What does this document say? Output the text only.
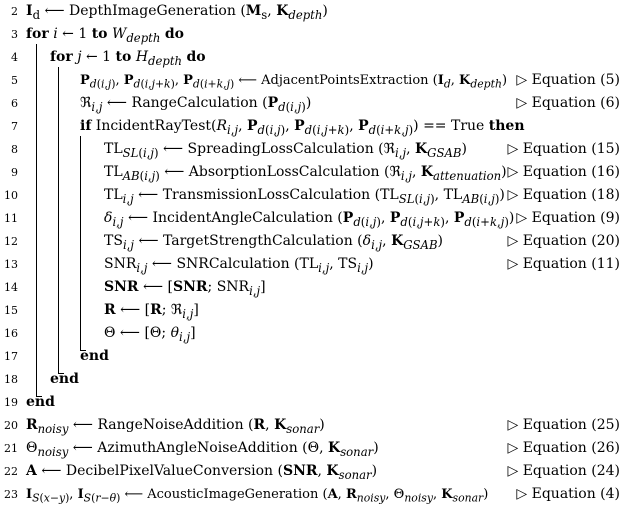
2 $I_d$ ⟵ DepthImageGeneration ($M_s$, $K_{depth}$)
3 for i ← 1 to $W_{depth}$ do
4 for j ← 1 to $H_{depth}$ do
5	$P_{d(i,j)}$, $P_{d(i,j+k)}$, $P_{d(i+k,j)}$ ⟵ AdjacentPointsExtraction ($I_d$, $K_{depth}$) ▷ Equation (5)
6	ℜ$_{i,j}$ ⟵ RangeCalculation $(P_{d(i,j)})$	▷ Equation (6)
7	if $IncidentRayTest(R_{i,j}$, $P_{d(i,j)}$, $P_{d(i,j+k)}$, $P_{d(i+k,j)}$) == True then
8	$TL_{SL(i,j)}$ ⟵ SpreadingLossCalculation (ℜ$_{i,j}$, $K_{GSAB}$)	▷ Equation (15)
9	$TL_{AB(i,j)}$ ⟵ AbsorptionLossCalculation (ℜ$_{i,j}$, $K_{attenuation}$) ▷ Equation (16)
10	$TL_{i,j}$ ⟵ TransmissionLossCalculation ($TL_{SL(i,j)}$, $TL_{AB(i,j)}$) ▷ Equation (18)
11	$\delta_{i,j}$ ⟵ IncidentAngleCalculation ($P_{d(i,j)}$, $P_{d(i,j+k)}$, $P_{d(i+k,j)}$) ▷ Equation (9)
12	$TS_{i,j}$ ⟵ TargetStrengthCalculation ($\delta_{i,j}$, $K_{GSAB}$)	▷ Equation (20)
13	$SNR_{i,j}$ ⟵ SNRCalculation ($TL_{i,j}$, $TS_{i,j}$)	▷ Equation (11)
14	SNR ⟵ [SNR; $SNR_{i,j}$]
15	R ⟵ [R; ℜ$_{i,j}$]
16	Θ ⟵ [Θ; $\theta_{i,j}$]
17	end
18 end
19 end
20 $R_{noisy}$ ⟵ RangeNoiseAddition (R, $K_{sonar}$)	▷ Equation (25)
21 $\Theta_{noisy}$ ⟵ AzimuthAngleNoiseAddition (Θ, $K_{sonar}$)	▷ Equation (26)
22 A ⟵ DecibelPixelValueConversion (SNR, $K_{sonar}$)	▷ Equation (24)
23 $I_{S(x-y)}$, $I_{S(r-\theta)}$ ⟵ AcousticImageGeneration (A, $R_{noisy}$, $\Theta_{noisy}$, $K_{sonar}$) ▷ Equation (4)
